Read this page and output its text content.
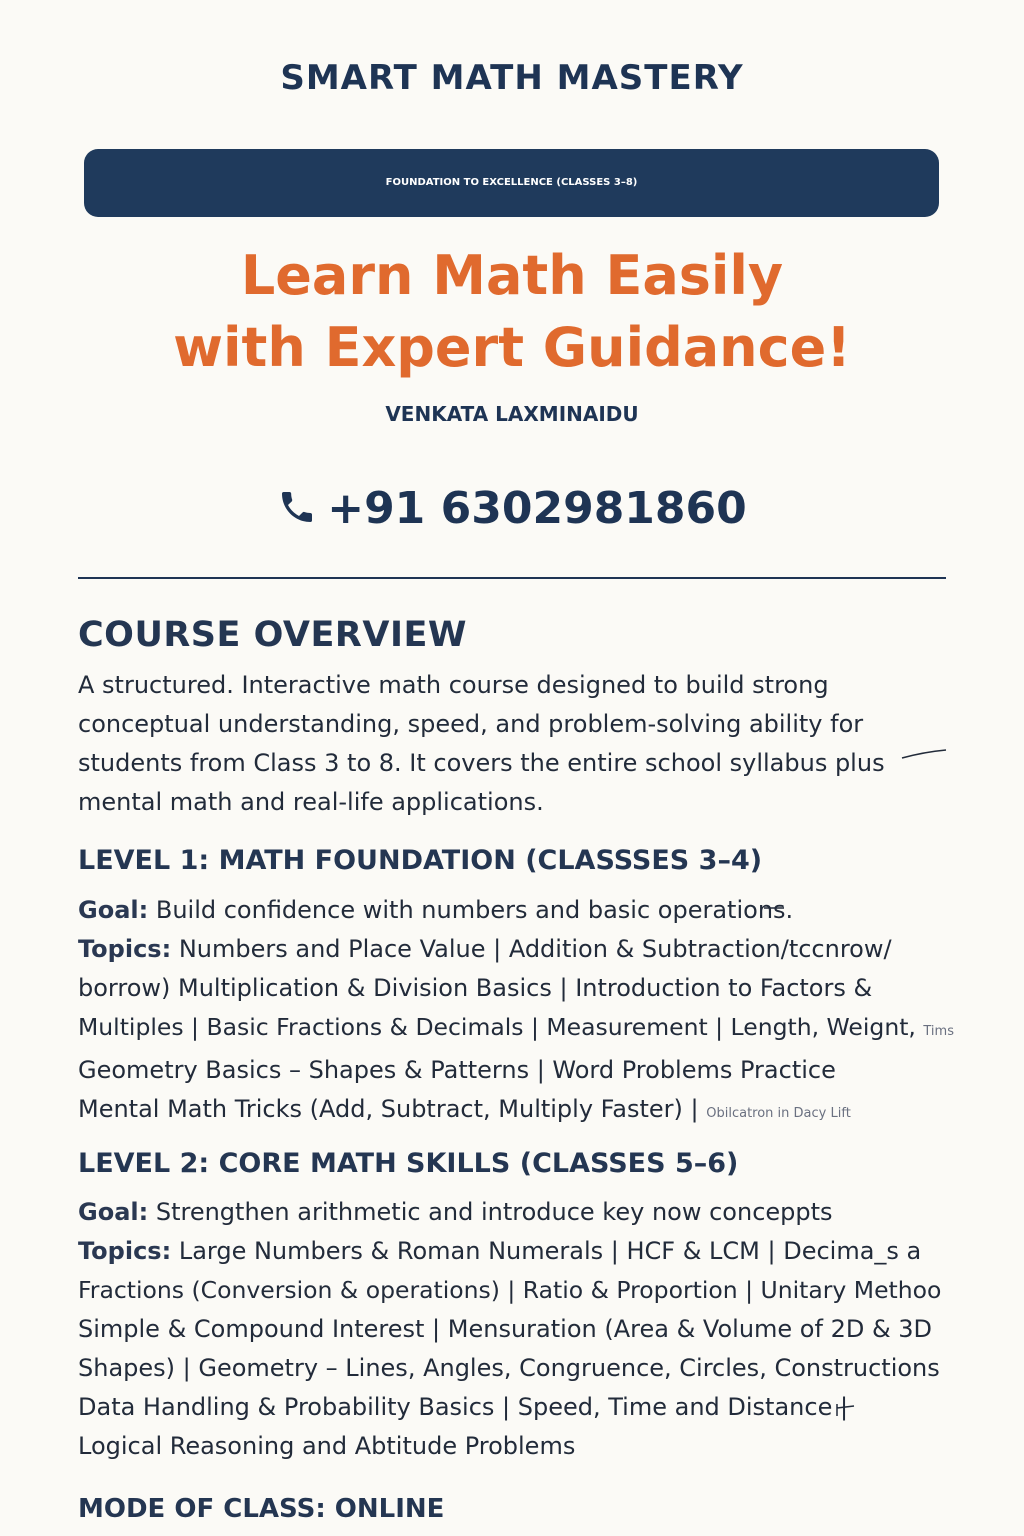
SMART MATH MASTERY
FOUNDATION TO EXCELLENCE (CLASSES 3–8)
Learn Math Easily
with Expert Guidance!
VENKATA LAXMINAIDU
+91 6302981860
COURSE OVERVIEW
A structured. Interactive math course designed to build strong
conceptual understanding, speed, and problem-solving ability for
students from Class 3 to 8. It covers the entire school syllabus plus
mental math and real-life applications.
LEVEL 1: MATH FOUNDATION (CLASSSES 3–4)
Goal: Build confidence with numbers and basic operations.
Topics: Numbers and Place Value | Addition & Subtraction/tccnrow/
borrow) Multiplication & Division Basics | Introduction to Factors &
Multiples | Basic Fractions & Decimals | Measurement | Length, Weignt, Tims
Geometry Basics – Shapes & Patterns | Word Problems Practice
Mental Math Tricks (Add, Subtract, Multiply Faster) | Obilcatron in Dacy Lift
LEVEL 2: CORE MATH SKILLS (CLASSES 5–6)
Goal: Strengthen arithmetic and introduce key now conceppts
Topics: Large Numbers & Roman Numerals | HCF & LCM | Decima_s a
Fractions (Conversion & operations) | Ratio & Proportion | Unitary Methoo
Simple & Compound Interest | Mensuration (Area & Volume of 2D & 3D
Shapes) | Geometry – Lines, Angles, Congruence, Circles, Constructions
Data Handling & Probability Basics | Speed, Time and Distance |
Logical Reasoning and Abtitude Problems
MODE OF CLASS: ONLINE
